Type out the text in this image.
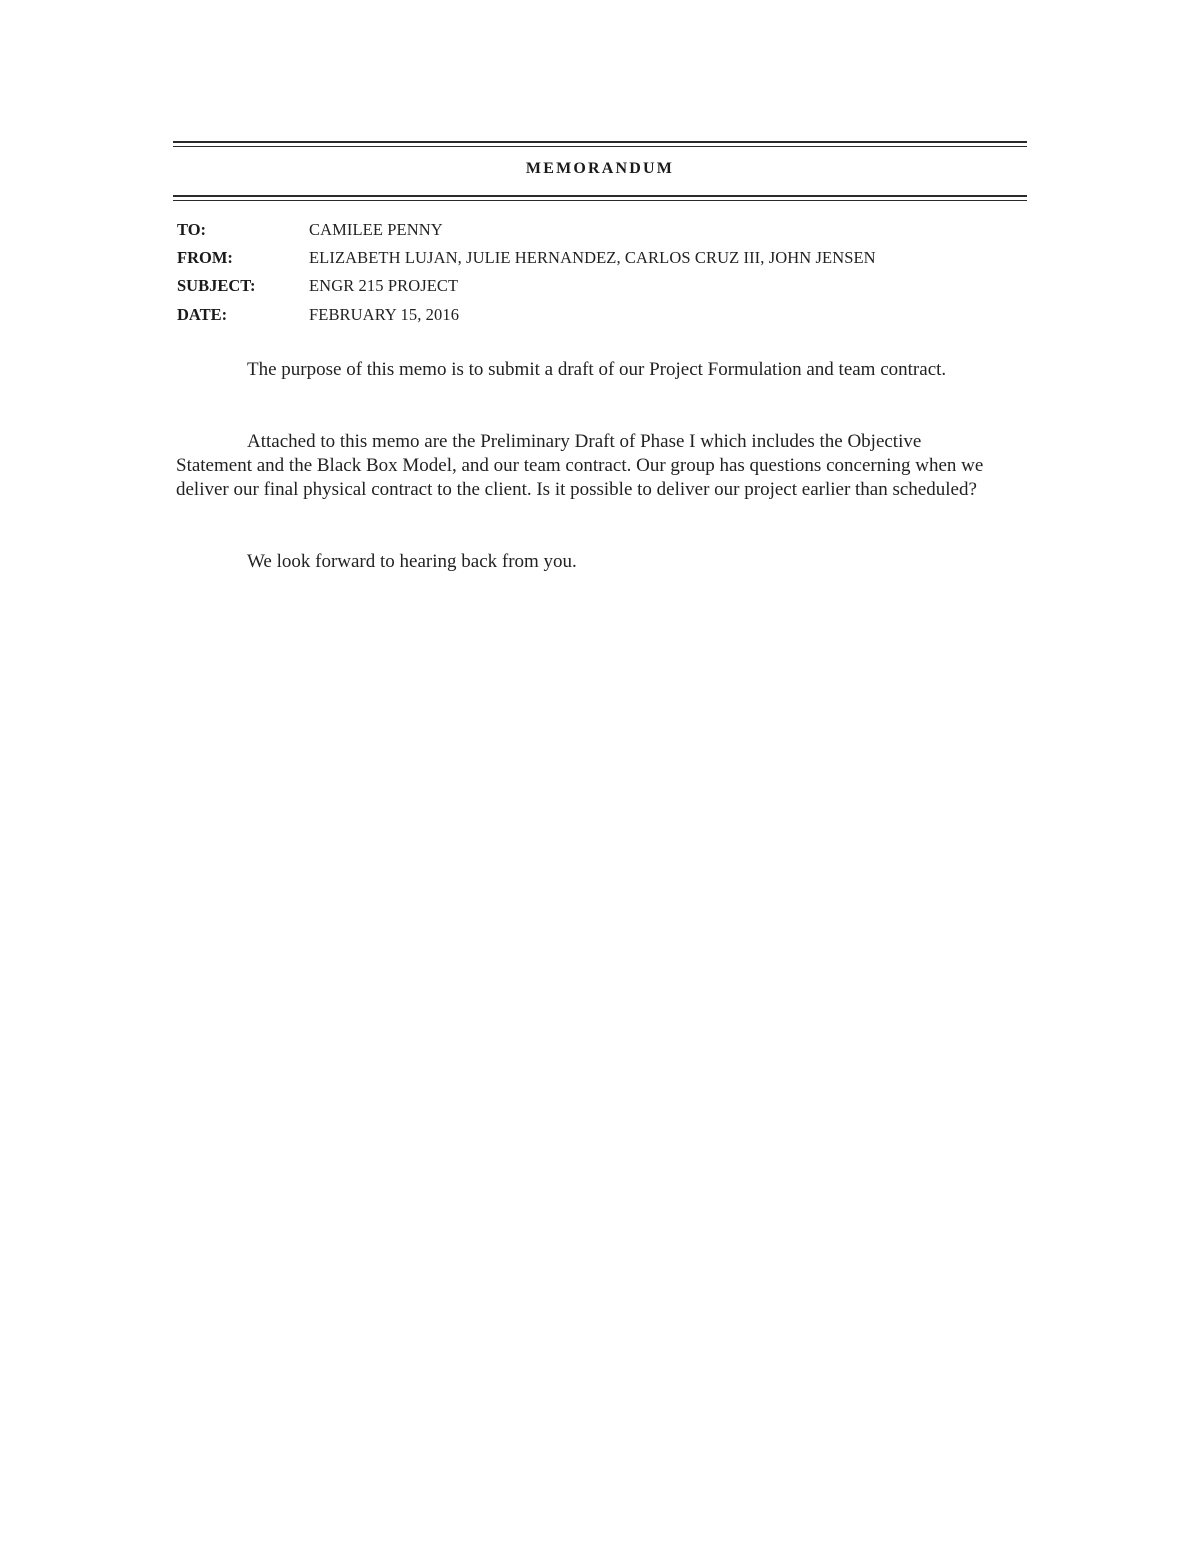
MEMORANDUM
TO:	CAMILEE PENNY
FROM:	ELIZABETH LUJAN, JULIE HERNANDEZ, CARLOS CRUZ III, JOHN JENSEN
SUBJECT:	ENGR 215 PROJECT
DATE:	FEBRUARY 15, 2016

The purpose of this memo is to submit a draft of our Project Formulation and team contract.

Attached to this memo are the Preliminary Draft of Phase I which includes the Objective Statement and the Black Box Model, and our team contract. Our group has questions concerning when we deliver our final physical contract to the client. Is it possible to deliver our project earlier than scheduled?

We look forward to hearing back from you.
